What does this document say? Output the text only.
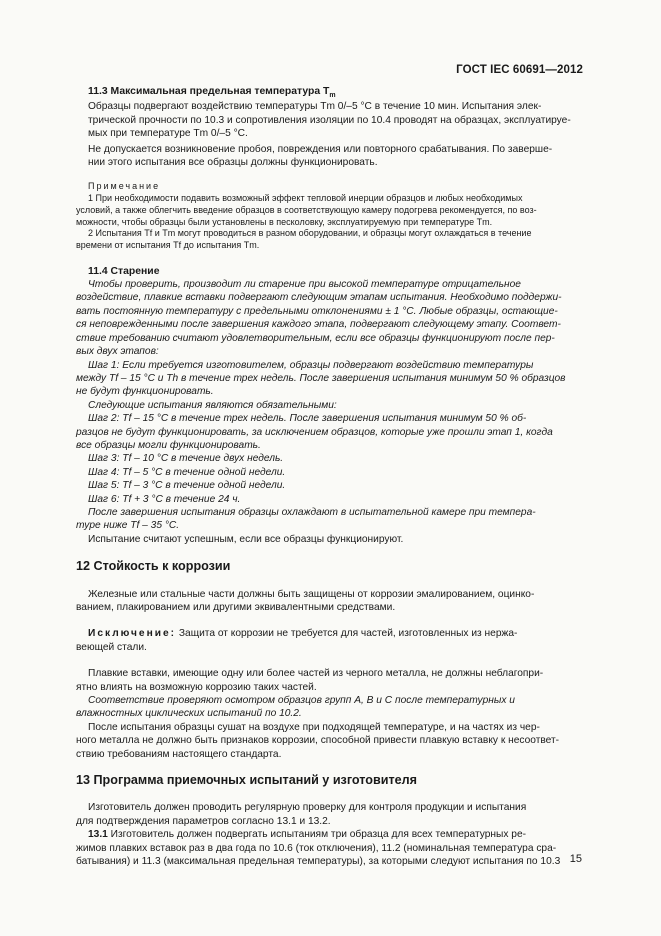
ГОСТ IEC 60691—2012
11.3 Максимальная предельная температура $T_m$

Образцы подвергают воздействию температуры Tm 0/–5 °C в течение 10 мин. Испытания элек-
трической прочности по 10.3 и сопротивления изоляции по 10.4 проводят на образцах, эксплуатируе-
мых при температуре Tm 0/–5 °C.

Не допускается возникновение пробоя, повреждения или повторного срабатывания. По заверше-
нии этого испытания все образцы должны функционировать.

Примечание
1 При необходимости подавить возможный эффект тепловой инерции образцов и любых необходимых
условий, а также облегчить введение образцов в соответствующую камеру подогрева рекомендуется, по воз-
можности, чтобы образцы были установлены в песколовку, эксплуатируемую при температуре Tm.
2 Испытания Tf и Tm могут проводиться в разном оборудовании, и образцы могут охлаждаться в течение
времени от испытания Tf до испытания Tm.
11.4 Старение
Чтобы проверить, производит ли старение при высокой температуре отрицательное
воздействие, плавкие вставки подвергают следующим этапам испытания. Необходимо поддержи-
вать постоянную температуру с предельными отклонениями ± 1 °C. Любые образцы, остающие-
ся неповрежденными после завершения каждого этапа, подвергают следующему этапу. Соответ-
ствие требованию считают удовлетворительным, если все образцы функционируют после пер-
вых двух этапов:
Шаг 1: Если требуется изготовителем, образцы подвергают воздействию температуры
между Tf – 15 °C и Th в течение трех недель. После завершения испытания минимум 50 % образцов
не будут функционировать.
Следующие испытания являются обязательными:
Шаг 2: Tf – 15 °C в течение трех недель. После завершения испытания минимум 50 % об-
разцов не будут функционировать, за исключением образцов, которые уже прошли этап 1, когда
все образцы могли функционировать.
Шаг 3: Tf – 10 °C в течение двух недель.
Шаг 4: Tf – 5 °C в течение одной недели.
Шаг 5: Tf – 3 °C в течение одной недели.
Шаг 6: Tf + 3 °C в течение 24 ч.
После завершения испытания образцы охлаждают в испытательной камере при темпера-
туре ниже Tf – 35 °C.
Испытание считают успешным, если все образцы функционируют.
12 Стойкость к коррозии
Железные или стальные части должны быть защищены от коррозии эмалированием, оцинко-
ванием, плакированием или другими эквивалентными средствами.
Исключение: Защита от коррозии не требуется для частей, изготовленных из нержа-
веющей стали.
Плавкие вставки, имеющие одну или более частей из черного металла, не должны неблагопри-
ятно влиять на возможную коррозию таких частей.
Соответствие проверяют осмотром образцов групп A, B и C после температурных и
влажностных циклических испытаний по 10.2.
После испытания образцы сушат на воздухе при подходящей температуре, и на частях из чер-
ного металла не должно быть признаков коррозии, способной привести плавкую вставку к несоответ-
ствию требованиям настоящего стандарта.
13 Программа приемочных испытаний у изготовителя
Изготовитель должен проводить регулярную проверку для контроля продукции и испытания
для подтверждения параметров согласно 13.1 и 13.2.
13.1 Изготовитель должен подвергать испытаниям три образца для всех температурных ре-
жимов плавких вставок раз в два года по 10.6 (ток отключения), 11.2 (номинальная температура сра-
батывания) и 11.3 (максимальная предельная температуры), за которыми следуют испытания по 10.3 15
